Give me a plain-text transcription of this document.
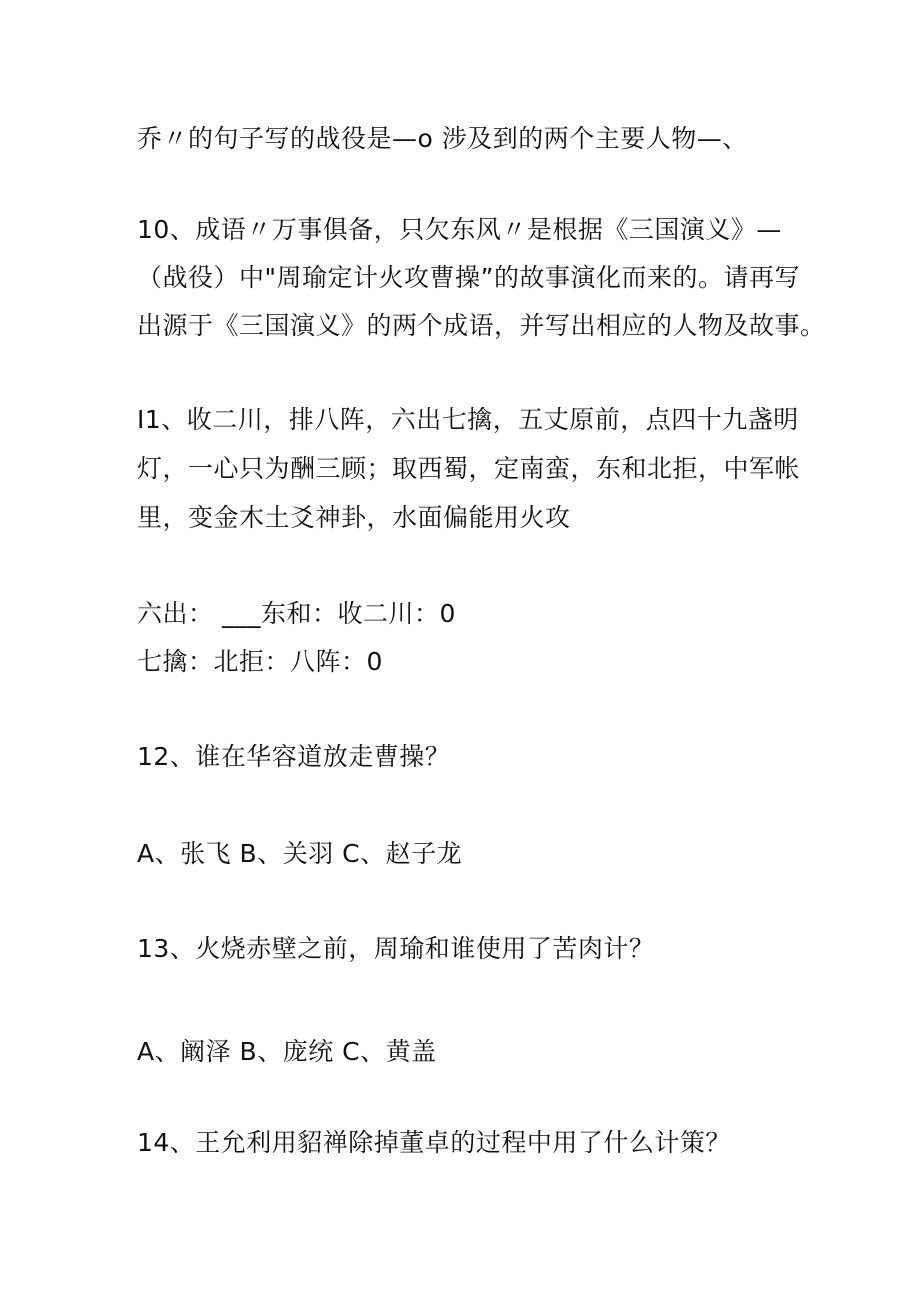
乔〃的句子写的战役是—o 涉及到的两个主要人物—、
10、成语〃万事俱备，只欠东风〃是根据《三国演义》—
（战役）中"周瑜定计火攻曹操”的故事演化而来的。请再写
出源于《三国演义》的两个成语，并写出相应的人物及故事。
I1、收二川，排八阵，六出七擒，五丈原前，点四十九盏明
灯，一心只为酬三顾；取西蜀，定南蛮，东和北拒，中军帐
里，变金木土爻神卦，水面偏能用火攻
六出： ___东和：收二川：0
七擒：北拒：八阵：0
12、谁在华容道放走曹操？
A、张飞 B、关羽 C、赵子龙
13、火烧赤壁之前，周瑜和谁使用了苦肉计？
A、阚泽 B、庞统 C、黄盖
14、王允利用貂禅除掉董卓的过程中用了什么计策？
